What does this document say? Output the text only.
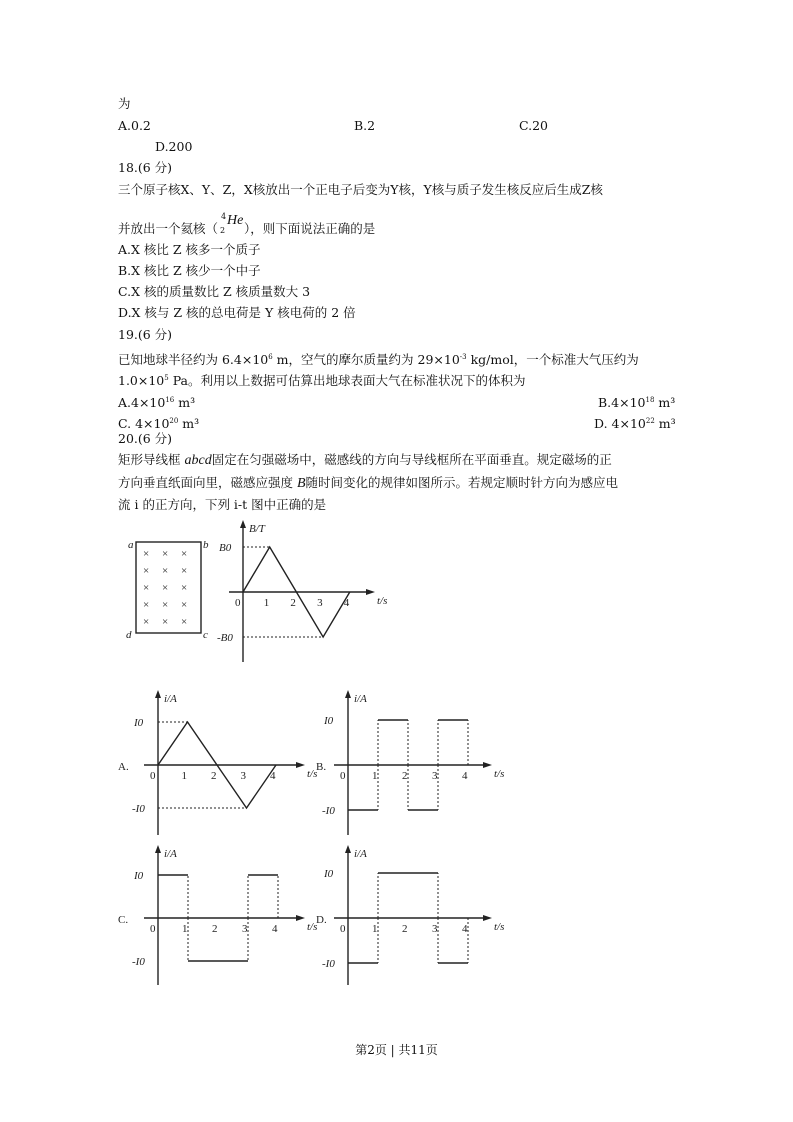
为
A.0.2	B.2	C.20
D.200
18.(6 分)
三个原子核X、Y、Z，X核放出一个正电子后变为Y核，Y核与质子发生核反应后生成Z核
并放出一个氦核（
4
2
He
），则下面说法正确的是
A.X 核比 Z 核多一个质子
B.X 核比 Z 核少一个中子
C.X 核的质量数比 Z 核质量数大 3
D.X 核与 Z 核的总电荷是 Y 核电荷的 2 倍
19.(6 分)
已知地球半径约为 $6.4\times 10^6$ m，空气的摩尔质量约为 $29\times 10^{-3}$ kg/mol，一个标准大气压约为
$1.0\times 10^5$ Pa。利用以上数据可估算出地球表面大气在标准状况下的体积为
$A.4\times 10^{16}$ m³	$B.4\times 10^{18}$ m³
C. $4\times 10^{20}$ m³	D. $4\times 10^{22}$ m³
20.(6 分)
矩形导线框 abcd固定在匀强磁场中，磁感线的方向与导线框所在平面垂直。规定磁场的正
方向垂直纸面向里，磁感应强度 B随时间变化的规律如图所示。若规定顺时针方向为感应电
流 i 的正方向，下列 i-t 图中正确的是
a	b
c
d
× × ×
× × ×
× × ×
× × ×
× × ×
B/T
t/s
0 1 2 3 4
B0
-B0
i/A
t/s
0 1 2 3 4
I0
-I0
A.
i/A
t/s
0 1 2 3 4
I0
-I0
B.
i/A
t/s
0 1 2 3 4
I0
-I0
C.
i/A
t/s
0 1 2 3 4
I0
-I0
D.
第2页 | 共11页
